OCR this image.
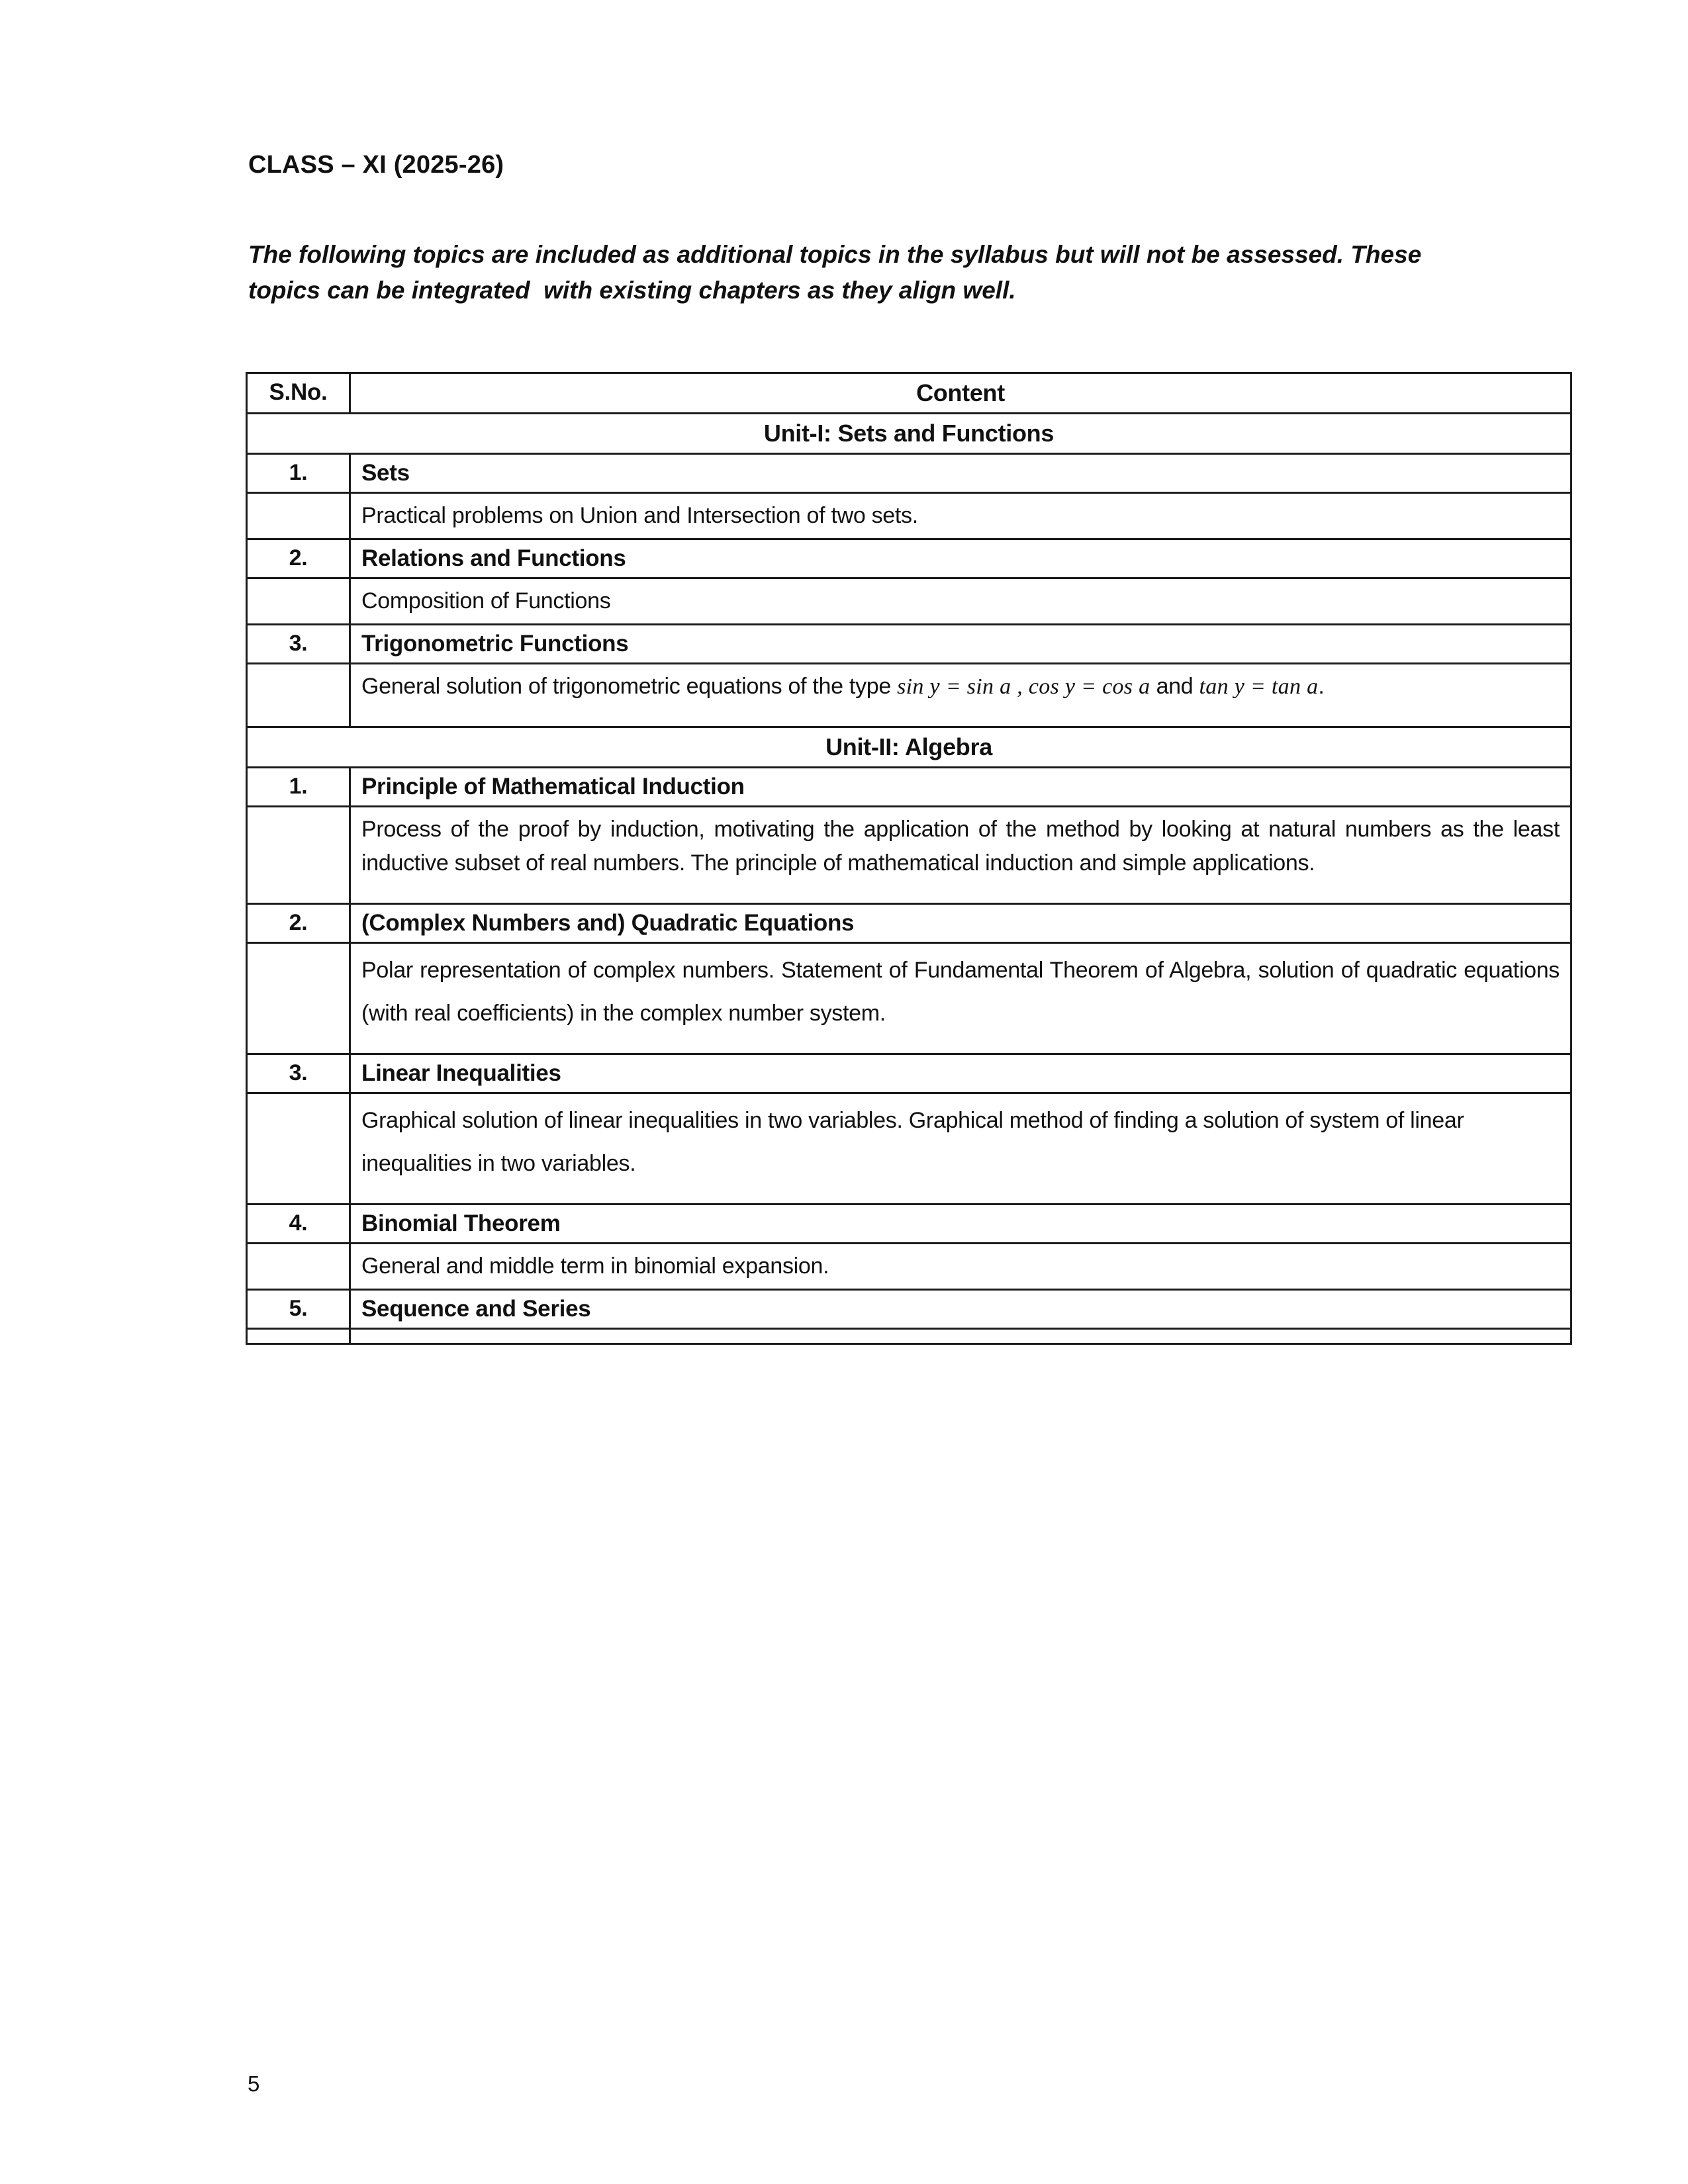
CLASS – XI (2025-26)

The following topics are included as additional topics in the syllabus but will not be assessed. These topics can be integrated  with existing chapters as they align well.

S.No.	Content
Unit-I: Sets and Functions	
1.	Sets
	Practical problems on Union and Intersection of two sets.
2.	Relations and Functions
	Composition of Functions
3.	Trigonometric Functions
	General solution of trigonometric equations of the type sin y = sin a , cos y = cos a and tan y = tan a.
Unit-II: Algebra	
1.	Principle of Mathematical Induction
	Process of the proof by induction, motivating the application of the method by looking at natural numbers as the least inductive subset of real numbers. The principle of mathematical induction and simple applications.
2.	(Complex Numbers and) Quadratic Equations
	Polar representation of complex numbers. Statement of Fundamental Theorem of Algebra, solution of quadratic equations (with real coefficients) in the complex number system.
3.	Linear Inequalities
	Graphical solution of linear inequalities in two variables. Graphical method of finding a solution of system of linear inequalities in two variables.
4.	Binomial Theorem
	General and middle term in binomial expansion.
5.	Sequence and Series

5
